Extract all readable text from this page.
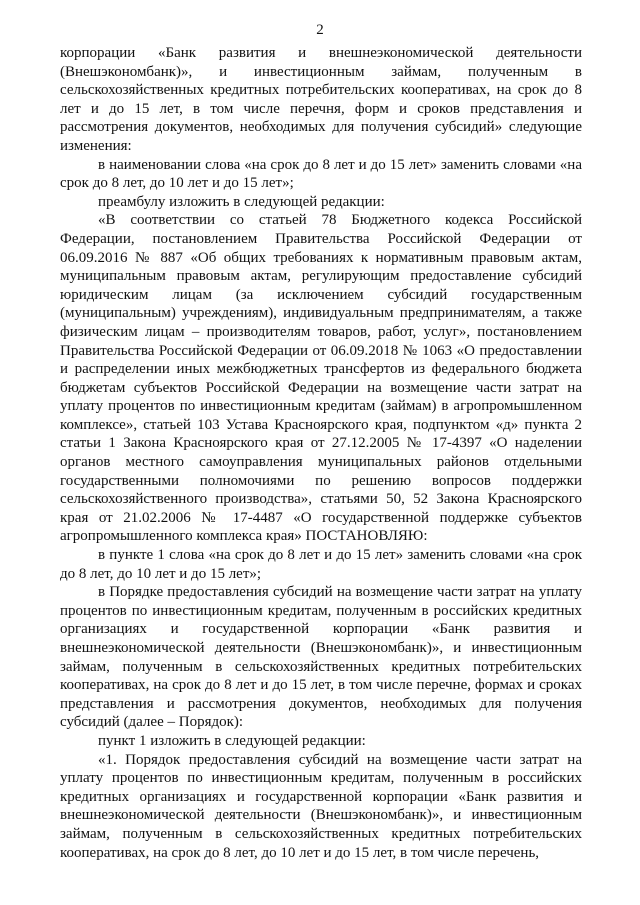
2

корпорации «Банк развития и внешнеэкономической деятельности (Внешэкономбанк)», и инвестиционным займам, полученным в сельскохозяйственных кредитных потребительских кооперативах, на срок до 8 лет и до 15 лет, в том числе перечня, форм и сроков представления и рассмотрения документов, необходимых для получения субсидий» следующие изменения:

в наименовании слова «на срок до 8 лет и до 15 лет» заменить словами «на срок до 8 лет, до 10 лет и до 15 лет»;

преамбулу изложить в следующей редакции:

«В соответствии со статьей 78 Бюджетного кодекса Российской Федерации, постановлением Правительства Российской Федерации от 06.09.2016 № 887 «Об общих требованиях к нормативным правовым актам, муниципальным правовым актам, регулирующим предоставление субсидий юридическим лицам (за исключением субсидий государственным (муниципальным) учреждениям), индивидуальным предпринимателям, а также физическим лицам – производителям товаров, работ, услуг», постановлением Правительства Российской Федерации от 06.09.2018 № 1063 «О предоставлении и распределении иных межбюджетных трансфертов из федерального бюджета бюджетам субъектов Российской Федерации на возмещение части затрат на уплату процентов по инвестиционным кредитам (займам) в агропромышленном комплексе», статьей 103 Устава Красноярского края, подпунктом «д» пункта 2 статьи 1 Закона Красноярского края от 27.12.2005 № 17-4397 «О наделении органов местного самоуправления муниципальных районов отдельными государственными полномочиями по решению вопросов поддержки сельскохозяйственного производства», статьями 50, 52 Закона Красноярского края от 21.02.2006 № 17-4487 «О государственной поддержке субъектов агропромышленного комплекса края» ПОСТАНОВЛЯЮ:

в пункте 1 слова «на срок до 8 лет и до 15 лет» заменить словами «на срок до 8 лет, до 10 лет и до 15 лет»;

в Порядке предоставления субсидий на возмещение части затрат на уплату процентов по инвестиционным кредитам, полученным в российских кредитных организациях и государственной корпорации «Банк развития и внешнеэкономической деятельности (Внешэкономбанк)», и инвестиционным займам, полученным в сельскохозяйственных кредитных потребительских кооперативах, на срок до 8 лет и до 15 лет, в том числе перечне, формах и сроках представления и рассмотрения документов, необходимых для получения субсидий (далее – Порядок):

пункт 1 изложить в следующей редакции:

«1. Порядок предоставления субсидий на возмещение части затрат на уплату процентов по инвестиционным кредитам, полученным в российских кредитных организациях и государственной корпорации «Банк развития и внешнеэкономической деятельности (Внешэкономбанк)», и инвестиционным займам, полученным в сельскохозяйственных кредитных потребительских кооперативах, на срок до 8 лет, до 10 лет и до 15 лет, в том числе перечень,
